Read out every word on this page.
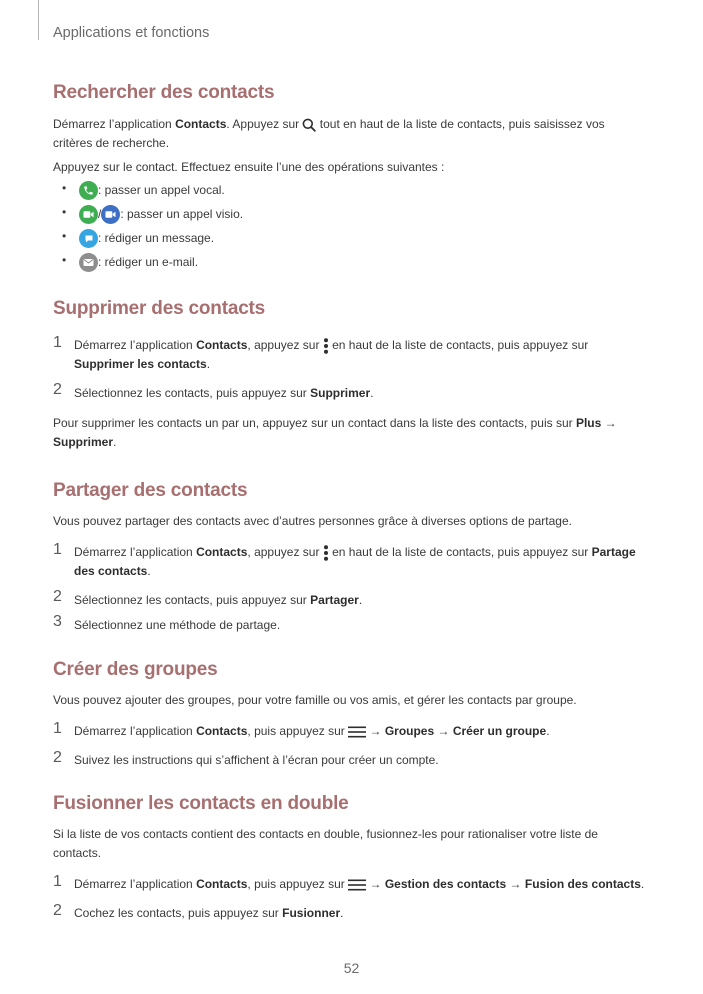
Applications et fonctions
Rechercher des contacts
Démarrez l’application Contacts. Appuyez sur  tout en haut de la liste de contacts, puis saisissez vos critères de recherche.
Appuyez sur le contact. Effectuez ensuite l’une des opérations suivantes :
•	: passer un appel vocal.
•	/ : passer un appel visio.
•	: rédiger un message.
•	: rédiger un e-mail.
Supprimer des contacts
1 Démarrez l’application Contacts, appuyez sur  en haut de la liste de contacts, puis appuyez sur Supprimer les contacts.
2 Sélectionnez les contacts, puis appuyez sur Supprimer.
Pour supprimer les contacts un par un, appuyez sur un contact dans la liste des contacts, puis sur Plus → Supprimer.
Partager des contacts
Vous pouvez partager des contacts avec d’autres personnes grâce à diverses options de partage.
1 Démarrez l’application Contacts, appuyez sur  en haut de la liste de contacts, puis appuyez sur Partage des contacts.
2 Sélectionnez les contacts, puis appuyez sur Partager.
3 Sélectionnez une méthode de partage.
Créer des groupes
Vous pouvez ajouter des groupes, pour votre famille ou vos amis, et gérer les contacts par groupe.
1 Démarrez l’application Contacts, puis appuyez sur  → Groupes → Créer un groupe.
2 Suivez les instructions qui s’affichent à l’écran pour créer un compte.
Fusionner les contacts en double
Si la liste de vos contacts contient des contacts en double, fusionnez-les pour rationaliser votre liste de contacts.
1 Démarrez l’application Contacts, puis appuyez sur  → Gestion des contacts → Fusion des contacts.
2 Cochez les contacts, puis appuyez sur Fusionner.
52
